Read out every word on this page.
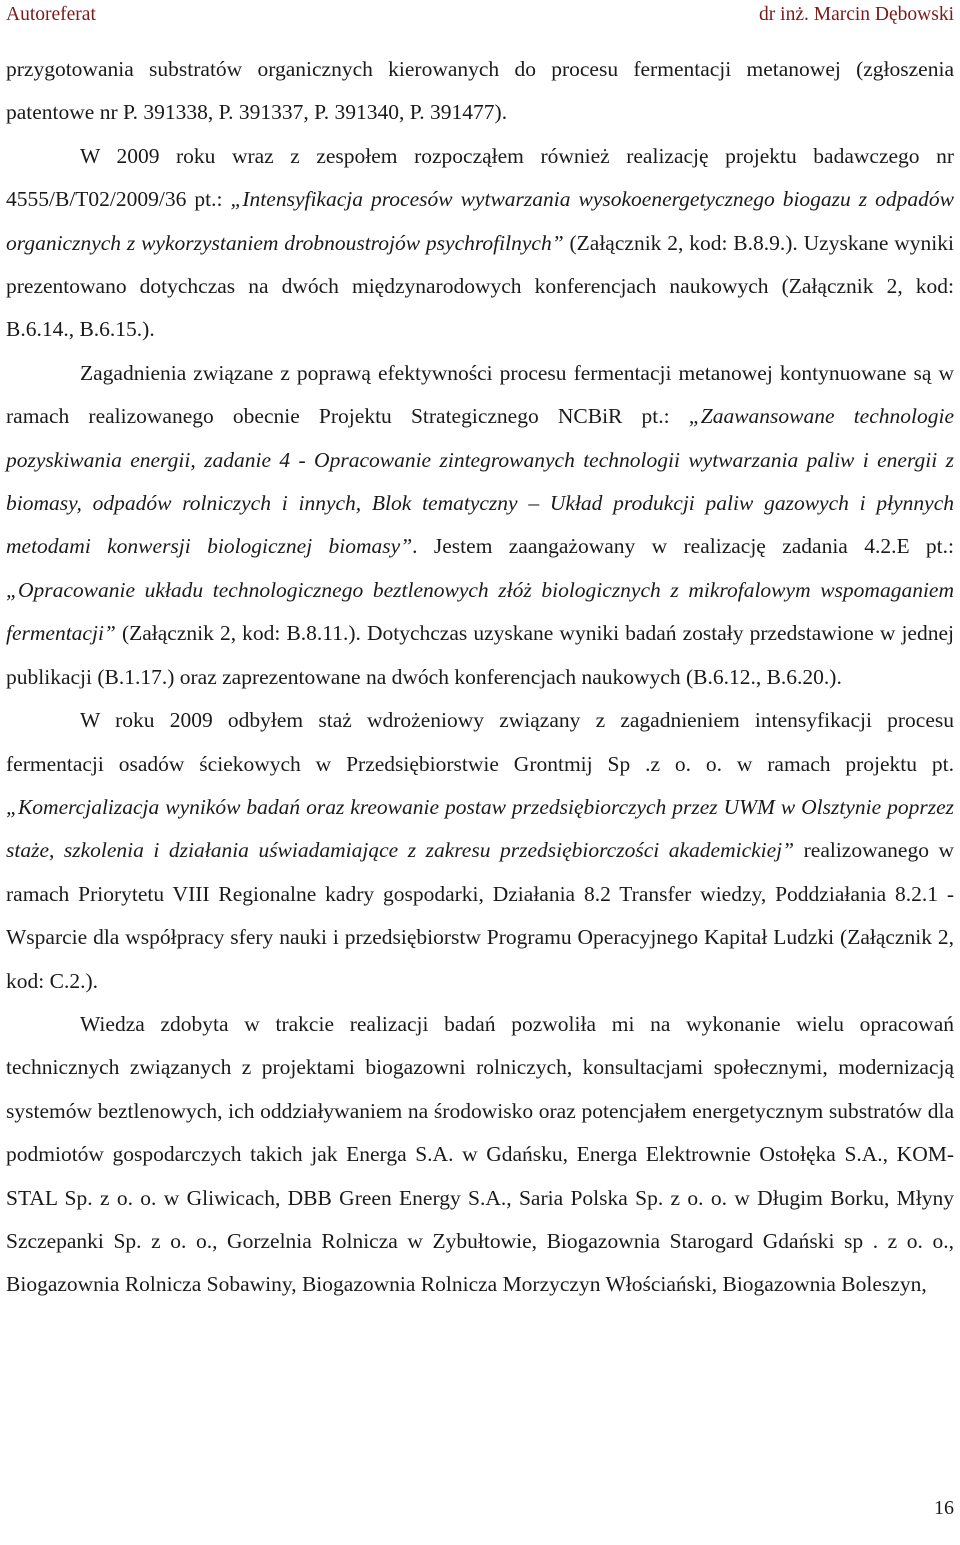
Autoreferat	dr inż. Marcin Dębowski

przygotowania substratów organicznych kierowanych do procesu fermentacji metanowej (zgłoszenia patentowe nr P. 391338, P. 391337, P. 391340, P. 391477).

W 2009 roku wraz z zespołem rozpocząłem również realizację projektu badawczego nr 4555/B/T02/2009/36 pt.: „Intensyfikacja procesów wytwarzania wysokoenergetycznego biogazu z odpadów organicznych z wykorzystaniem drobnoustrojów psychrofilnych” (Załącznik 2, kod: B.8.9.). Uzyskane wyniki prezentowano dotychczas na dwóch międzynarodowych konferencjach naukowych (Załącznik 2, kod: B.6.14., B.6.15.).

Zagadnienia związane z poprawą efektywności procesu fermentacji metanowej kontynuowane są w ramach realizowanego obecnie Projektu Strategicznego NCBiR pt.: „Zaawansowane technologie pozyskiwania energii, zadanie 4 - Opracowanie zintegrowanych technologii wytwarzania paliw i energii z biomasy, odpadów rolniczych i innych, Blok tematyczny – Układ produkcji paliw gazowych i płynnych metodami konwersji biologicznej biomasy”. Jestem zaangażowany w realizację zadania 4.2.E pt.: „Opracowanie układu technologicznego beztlenowych złóż biologicznych z mikrofalowym wspomaganiem fermentacji” (Załącznik 2, kod: B.8.11.). Dotychczas uzyskane wyniki badań zostały przedstawione w jednej publikacji (B.1.17.) oraz zaprezentowane na dwóch konferencjach naukowych (B.6.12., B.6.20.).

W roku 2009 odbyłem staż wdrożeniowy związany z zagadnieniem intensyfikacji procesu fermentacji osadów ściekowych w Przedsiębiorstwie Grontmij Sp .z o. o. w ramach projektu pt. „Komercjalizacja wyników badań oraz kreowanie postaw przedsiębiorczych przez UWM w Olsztynie poprzez staże, szkolenia i działania uświadamiające z zakresu przedsiębiorczości akademickiej” realizowanego w ramach Priorytetu VIII Regionalne kadry gospodarki, Działania 8.2 Transfer wiedzy, Poddziałania 8.2.1 - Wsparcie dla współpracy sfery nauki i przedsiębiorstw Programu Operacyjnego Kapitał Ludzki (Załącznik 2, kod: C.2.).

Wiedza zdobyta w trakcie realizacji badań pozwoliła mi na wykonanie wielu opracowań technicznych związanych z projektami biogazowni rolniczych, konsultacjami społecznymi, modernizacją systemów beztlenowych, ich oddziaływaniem na środowisko oraz potencjałem energetycznym substratów dla podmiotów gospodarczych takich jak Energa S.A. w Gdańsku, Energa Elektrownie Ostołęka S.A., KOM-STAL Sp. z o. o. w Gliwicach, DBB Green Energy S.A., Saria Polska Sp. z o. o. w Długim Borku, Młyny Szczepanki Sp. z o. o., Gorzelnia Rolnicza w Zybułtowie, Biogazownia Starogard Gdański sp . z o. o., Biogazownia Rolnicza Sobawiny, Biogazownia Rolnicza Morzyczyn Włościański, Biogazownia Boleszyn,

16
